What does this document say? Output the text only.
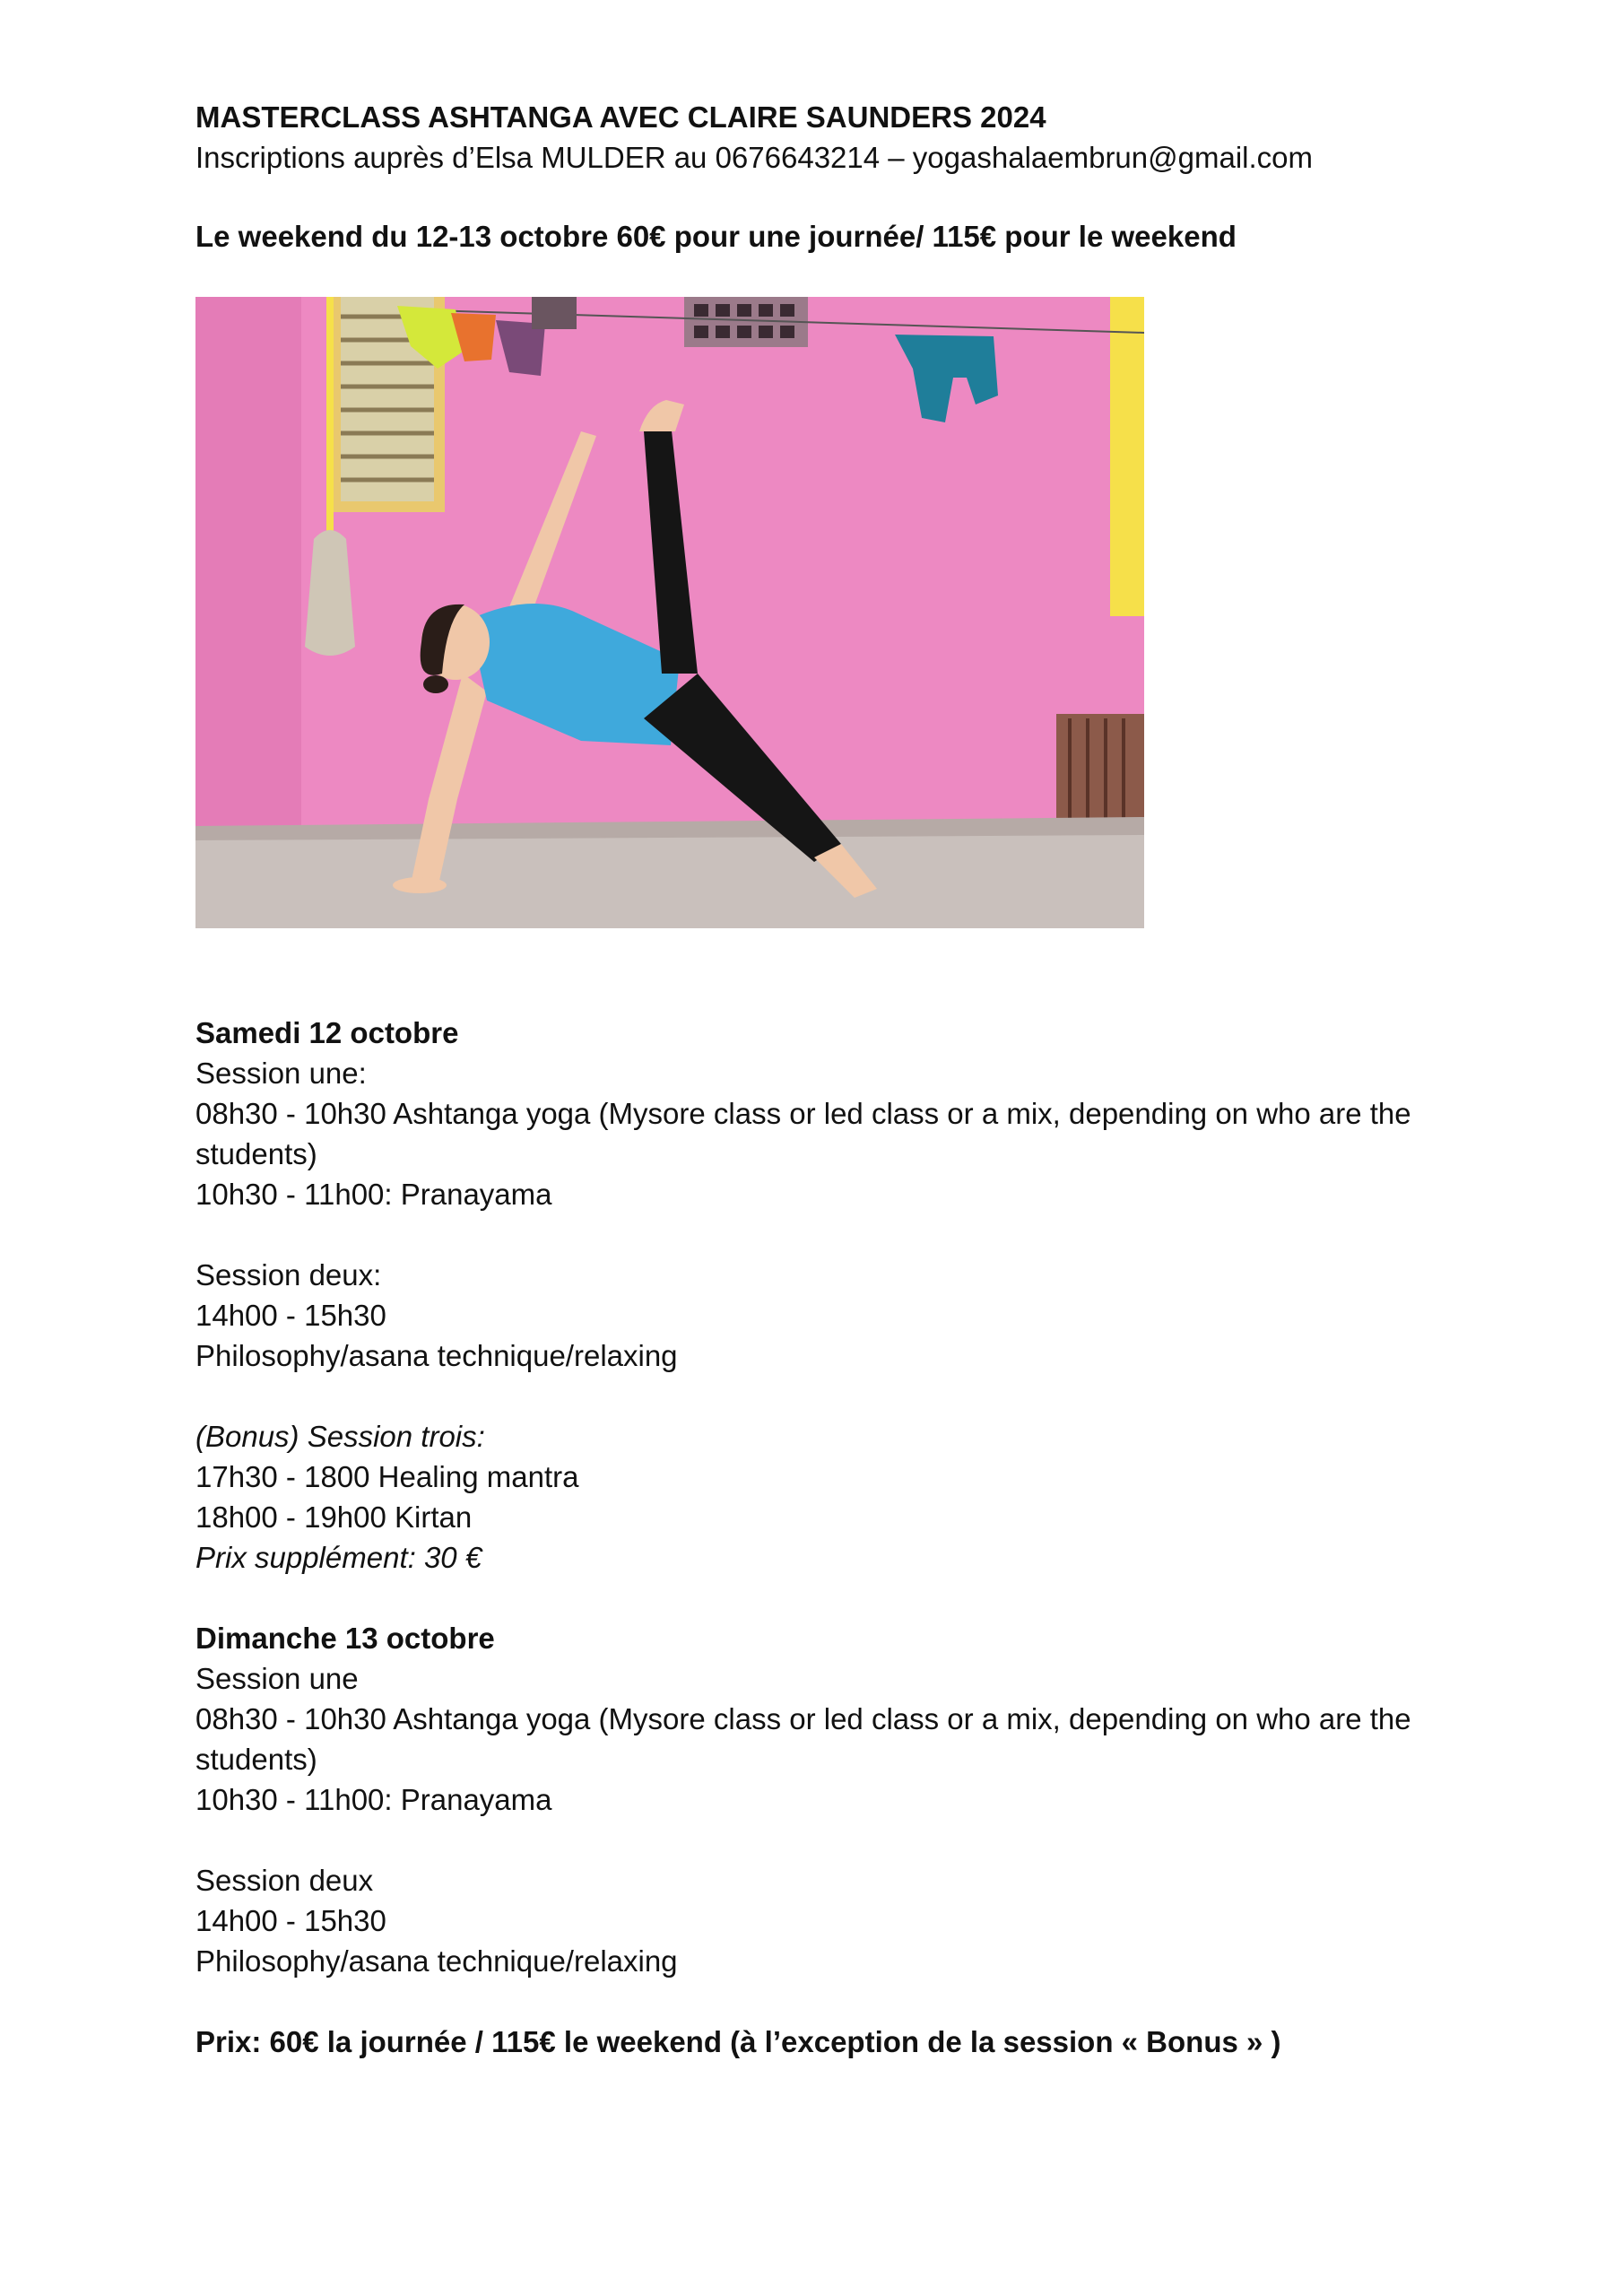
MASTERCLASS ASHTANGA AVEC CLAIRE SAUNDERS 2024
Inscriptions auprès d’Elsa MULDER au 0676643214 – yogashalaembrun@gmail.com
Le weekend du 12-13 octobre 60€ pour une journée/ 115€ pour le weekend
Samedi 12 octobre
Session une:
08h30 - 10h30 Ashtanga yoga (Mysore class or led class or a mix, depending on who are the
students)
10h30 - 11h00: Pranayama
Session deux:
14h00 - 15h30
Philosophy/asana technique/relaxing
(Bonus) Session trois:
17h30 - 1800 Healing mantra
18h00 - 19h00 Kirtan
Prix supplément: 30 €
Dimanche 13 octobre
Session une
08h30 - 10h30 Ashtanga yoga (Mysore class or led class or a mix, depending on who are the
students)
10h30 - 11h00: Pranayama
Session deux
14h00 - 15h30
Philosophy/asana technique/relaxing
Prix: 60€ la journée / 115€ le weekend (à l’exception de la session « Bonus » )
